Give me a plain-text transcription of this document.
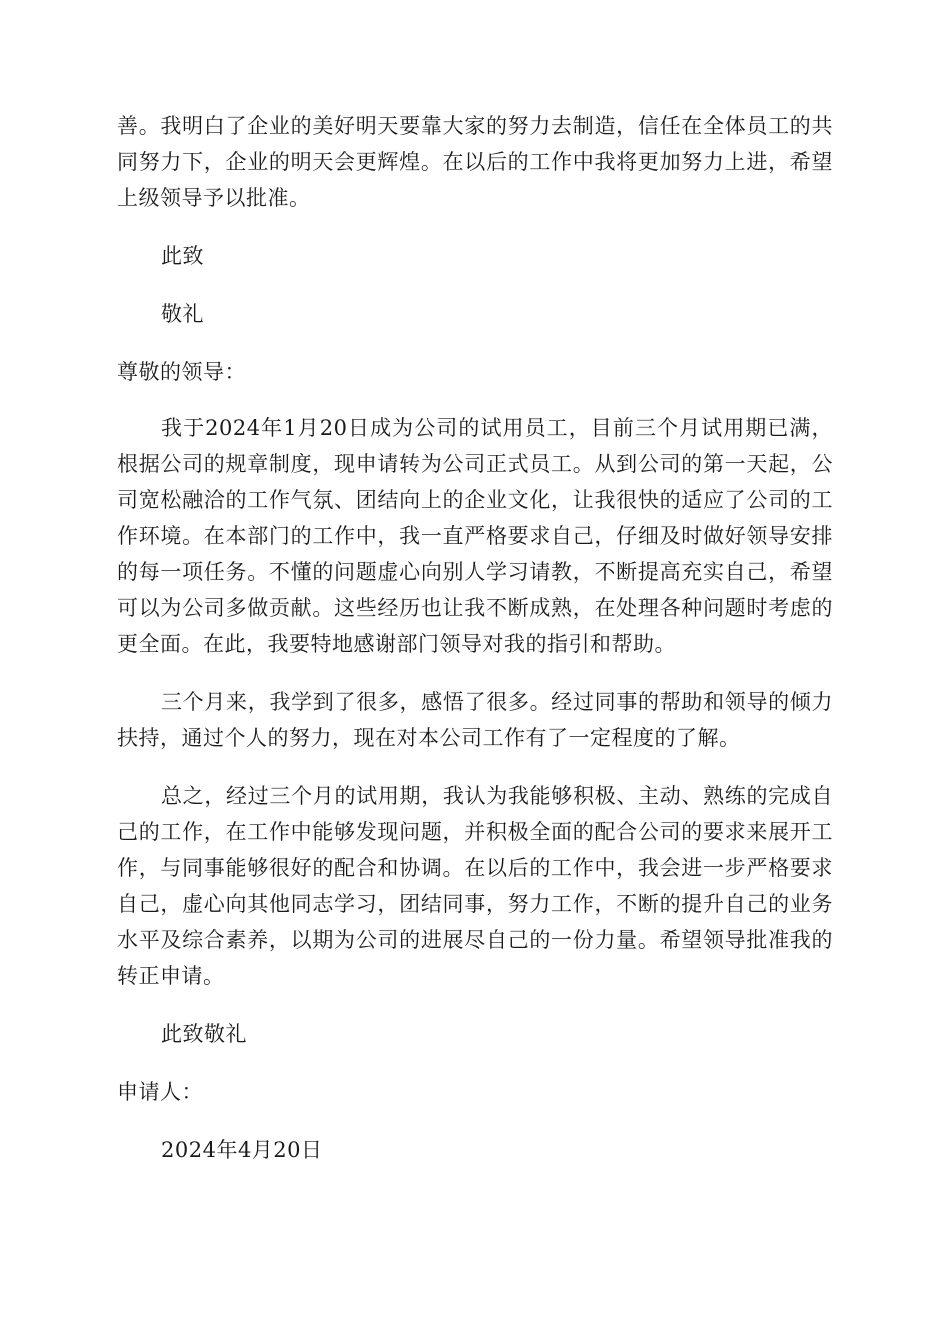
善。我明白了企业的美好明天要靠大家的努力去制造，信任在全体员工的共同努力下，企业的明天会更辉煌。在以后的工作中我将更加努力上进，希望上级领导予以批准。

此致

敬礼

尊敬的领导：

我于2024年1月20日成为公司的试用员工，目前三个月试用期已满，根据公司的规章制度，现申请转为公司正式员工。从到公司的第一天起，公司宽松融洽的工作气氛、团结向上的企业文化，让我很快的适应了公司的工作环境。在本部门的工作中，我一直严格要求自己，仔细及时做好领导安排的每一项任务。不懂的问题虚心向别人学习请教，不断提高充实自己，希望可以为公司多做贡献。这些经历也让我不断成熟，在处理各种问题时考虑的更全面。在此，我要特地感谢部门领导对我的指引和帮助。

三个月来，我学到了很多，感悟了很多。经过同事的帮助和领导的倾力扶持，通过个人的努力，现在对本公司工作有了一定程度的了解。

总之，经过三个月的试用期，我认为我能够积极、主动、熟练的完成自己的工作，在工作中能够发现问题，并积极全面的配合公司的要求来展开工作，与同事能够很好的配合和协调。在以后的工作中，我会进一步严格要求自己，虚心向其他同志学习，团结同事，努力工作，不断的提升自己的业务水平及综合素养，以期为公司的进展尽自己的一份力量。希望领导批准我的转正申请。

此致敬礼

申请人：

2024年4月20日
